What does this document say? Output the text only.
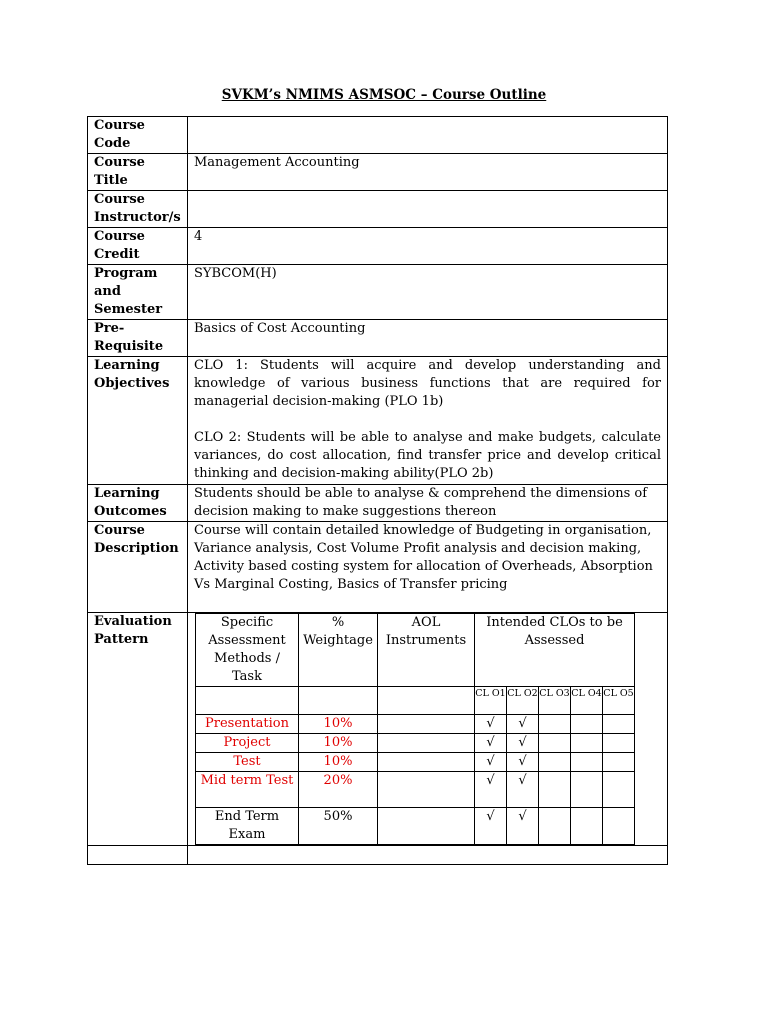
SVKM’s NMIMS ASMSOC – Course Outline
Course Code	
Course Title	Management Accounting
Course Instructor/s	
Course Credit	4
Program and Semester	SYBCOM(H)
Pre-Requisite	Basics of Cost Accounting
Learning Objectives	
CLO 1: Students will acquire and develop understanding and knowledge of various business functions that are required for managerial decision-making (PLO 1b)
CLO 2: Students will be able to analyse and make budgets, calculate variances, do cost allocation, find transfer price and develop critical thinking and decision-making ability(PLO 2b)

Learning Outcomes	Students should be able to analyse & comprehend the dimensions of decision making to make suggestions thereon
Course Description	Course will contain detailed knowledge of Budgeting in organisation, Variance analysis, Cost Volume Profit analysis and decision making, Activity based costing system for allocation of Overheads, Absorption Vs Marginal Costing, Basics of Transfer pricing
Evaluation Pattern	
Specific Assessment Methods / Task	% Weightage	AOL Instruments	Intended CLOs to be Assessed
			CL O1	CL O2	CL O3	CL O4	CL O5
Presentation	10%		√	√			
Project	10%		√	√			
Test	10%		√	√			
Mid term Test	20%		√	√			
End Term Exam	50%		√	√			
